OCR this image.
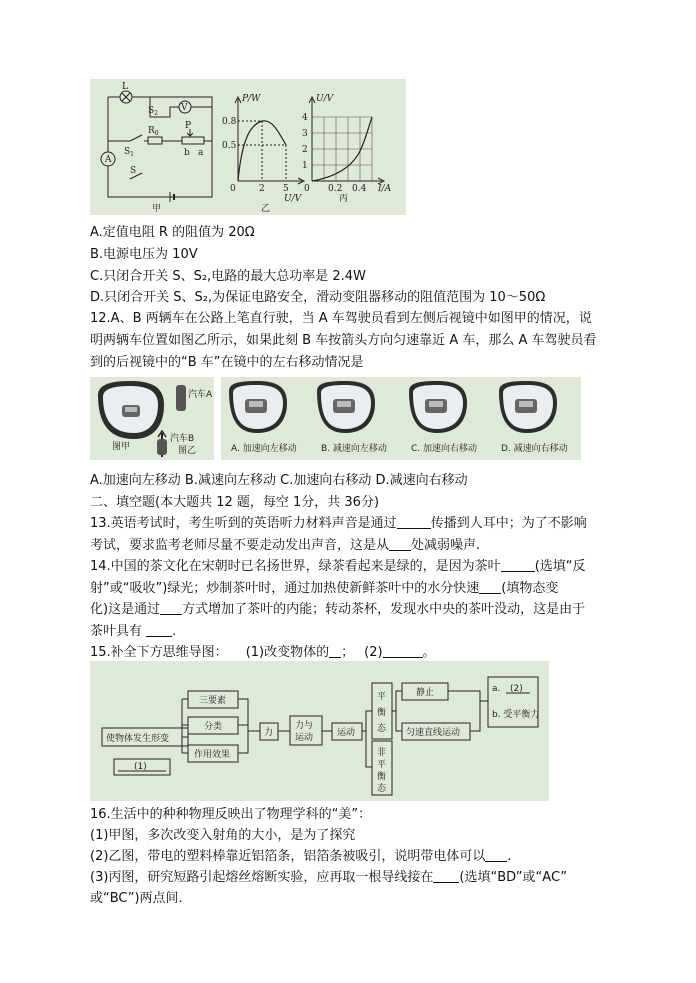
L
$S_2$
V
$R_0$
P
$S_1$	b a
A
S
甲
P/W
0.8
0.5
0	2 5
U/V
乙
U/V
4
3
2
1
0 0.2 0.4 I/A
丙
A.定值电阻 R 的阻值为 20Ω
B.电源电压为 10V
C.只闭合开关 S、S₂,电路的最大总功率是 2.4W
D.只闭合开关 S、S₂,为保证电路安全，滑动变阻器移动的阻值范围为 10～50Ω
12.A、B 两辆车在公路上笔直行驶，当 A 车驾驶员看到左侧后视镜中如图甲的情况，说
明两辆车位置如图乙所示，如果此刻 B 车按箭头方向匀速靠近 A 车，那么 A 车驾驶员看
到的后视镜中的“B 车”在镜中的左右移动情况是
汽车A
汽车B
图甲	图乙	A. 加速向左移动	B. 减速向左移动	C. 加速向右移动	D. 减速向右移动
A.加速向左移动 B.减速向左移动 C.加速向右移动 D.减速向右移动
二、填空题(本大题共 12 题，每空 1分，共 36分)
13.英语考试时，考生听到的英语听力材料声音是通过	传播到人耳中；为了不影响
考试，要求监考老师尽量不要走动发出声音，这是从 处减弱噪声.
14.中国的茶文化在宋朝时已名扬世界，绿茶看起来是绿的，是因为茶叶	(选填“反
射”或“吸收”)绿光；炒制茶叶时，通过加热使新鲜茶叶中的水分快速 (填物态变
化)这是通过 方式增加了茶叶的内能；转动茶杯，发现水中央的茶叶没动，这是由于
茶叶具有 .
15.补全下方思维导图： (1)改变物体的 ； (2)	。
使物体发生形变
(1)
三要素
分类
作用效果
力
力与
运动	运动
平
衡
态
非
平
衡
态
静止
匀速直线运动
a. (2)
b. 受平衡力
16.生活中的种种物理反映出了物理学科的“美”：
(1)甲图，多次改变入射角的大小，是为了探究
(2)乙图，带电的塑料棒靠近铝箔条，铝箔条被吸引，说明带电体可以 .
(3)丙图，研究短路引起熔丝熔断实验，应再取一根导线接在 (选填“BD”或“AC”
或“BC”)两点间.
